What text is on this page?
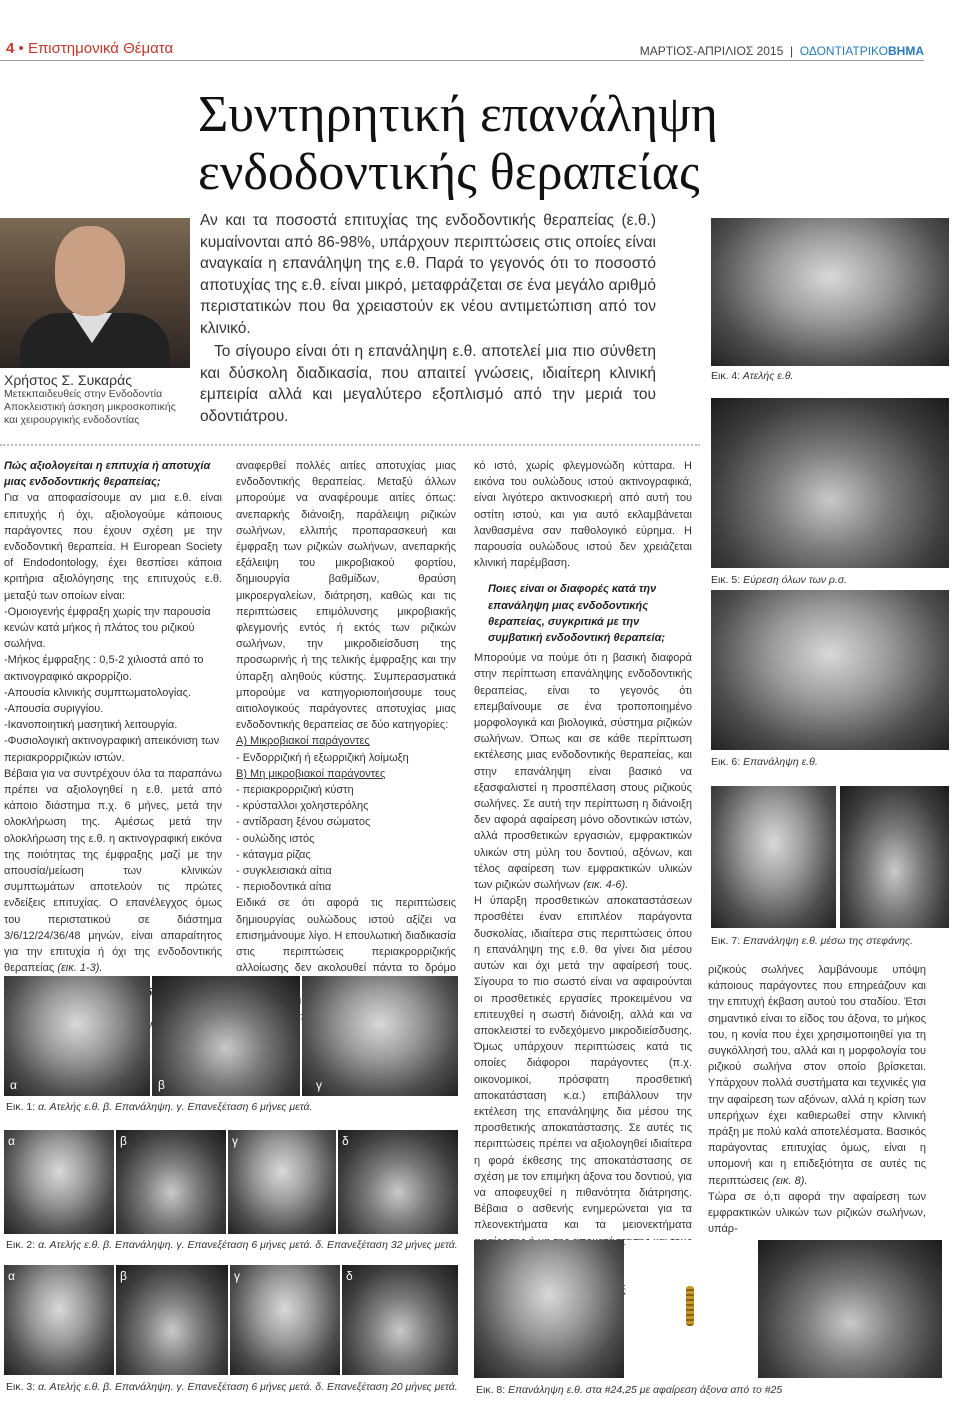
4 • Επιστημονικά Θέματα	ΜΑΡΤΙΟΣ-ΑΠΡΙΛΙΟΣ 2015  |  ΟΔΟΝΤΙΑΤΡΙΚΟΒΗΜΑ
Συντηρητική επανάληψη
ενδοδοντικής θεραπείας
Χρήστος Σ. Συκαράς
Μετεκπαιδευθείς στην Ενδοδοντία
Αποκλειστική άσκηση μικροσκοπικής
και χειρουργικής ενδοδοντίας

Αν και τα ποσοστά επιτυχίας της ενδοδοντικής θεραπείας (ε.θ.) κυμαίνονται από 86-98%, υπάρχουν περιπτώσεις στις οποίες είναι αναγκαία η επανάληψη της ε.θ. Παρά το γεγονός ότι το ποσοστό αποτυχίας της ε.θ. είναι μικρό, μεταφράζεται σε ένα μεγάλο αριθμό περιστατικών που θα χρειαστούν εκ νέου αντιμετώπιση από τον κλινικό.

Το σίγουρο είναι ότι η επανάληψη ε.θ. αποτελεί μια πιο σύνθετη και δύσκολη διαδικασία, που απαιτεί γνώσεις, ιδιαίτερη κλινική εμπειρία αλλά και μεγαλύτερο εξοπλισμό από την μεριά του οδοντιάτρου.

Εικ. 4: Ατελής ε.θ.
Εικ. 5: Εύρεση όλων των ρ.σ.
Εικ. 6: Επανάληψη ε.θ.
Εικ. 7: Επανάληψη ε.θ. μέσω της στεφάνης.

Πώς αξιολογείται η επιτυχία ή αποτυχία μιας ενδοδοντικής θεραπείας;

Για να αποφασίσουμε αν μια ε.θ. είναι επιτυχής ή όχι, αξιολογούμε κάποιους παράγοντες που έχουν σχέση με την ενδοδοντική θεραπεία. Η European Society of Endodontology, έχει θεσπίσει κάποια κριτήρια αξιολόγησης της επιτυχούς ε.θ. μεταξύ των οποίων είναι:

-Ομοιογενής έμφραξη χωρίς την παρουσία κενών κατά μήκος ή πλάτος του ριζικού σωλήνα.

-Μήκος έμφραξης : 0,5-2 χιλιοστά από το ακτινογραφικό ακρορρίζιο.

-Απουσία κλινικής συμπτωματολογίας.

-Απουσία συριγγίου.

-Ικανοποιητική μασητική λειτουργία.

-Φυσιολογική ακτινογραφική απεικόνιση των περιακρορριζικών ιστών.

Βέβαια για να συντρέχουν όλα τα παραπάνω πρέπει να αξιολογηθεί η ε.θ. μετά από κάποιο διάστημα π.χ. 6 μήνες, μετά την ολοκλήρωση της. Αμέσως μετά την ολοκλήρωση της ε.θ. η ακτινογραφική εικόνα της ποιότητας της έμφραξης μαζί με την απουσία/μείωση των κλινικών συμπτωμάτων αποτελούν τις πρώτες ενδείξεις επιτυχίας. Ο επανέλεγχος όμως του περιστατικού σε διάστημα 3/6/12/24/36/48 μηνών, είναι απαραίτητος για την επιτυχία ή όχι της ενδοδοντικής θεραπείας (εικ. 1-3).

αναφερθεί πολλές αιτίες αποτυχίας μιας ενδοδοντικής θεραπείας. Μεταξύ άλλων μπορούμε να αναφέρουμε αιτίες όπως: ανεπαρκής διάνοιξη, παράλειψη ριζικών σωλήνων, ελλιπής προπαρασκευή και έμφραξη των ριζικών σωλήνων, ανεπαρκής εξάλειψη του μικροβιακού φορτίου, δημιουργία βαθμίδων, θραύση μικροεργαλείων, διάτρηση, καθώς και τις περιπτώσεις επιμόλυνσης μικροβιακής φλεγμονής εντός ή εκτός των ριζικών σωλήνων, την μικροδιείσδυση της προσωρινής ή της τελικής έμφραξης και την ύπαρξη αληθούς κύστης. Συμπερασματικά μπορούμε να κατηγοριοποιήσουμε τους αιτιολογικούς παράγοντες αποτυχίας μιας ενδοδοντικής θεραπείας σε δύο κατηγορίες:

Α) Μικροβιακοί παράγοντες

- Ενδορριζική ή εξωρριζική λοίμωξη

Β) Μη μικροβιακοί παράγοντες

- περιακρορριζική κύστη

- κρύσταλλοι χοληστερόλης

- αντίδραση ξένου σώματος

- ουλώδης ιστός

- κάταγμα ρίζας

- συγκλεισιακά αίτια

- περιοδοντικά αίτια

Ειδικά σε ότι αφορά τις περιπτώσεις δημιουργίας ουλώδους ιστού αξίζει να επισημάνουμε λίγο. Η επουλωτική διαδικασία στις περιπτώσεις περιακρορριζικής αλλοίωσης δεν ακολουθεί πάντα το δρόμο

κό ιστό, χωρίς φλεγμονώδη κύτταρα. Η εικόνα του ουλώδους ιστού ακτινογραφικά, είναι λιγότερο ακτινοσκιερή από αυτή του οστίτη ιστού, και για αυτό εκλαμβάνεται λανθασμένα σαν παθολογικό εύρημα. Η παρουσία ουλώδους ιστού δεν χρειάζεται κλινική παρέμβαση.

Ποιες είναι οι διαφορές κατά την επανάληψη μιας ενδοδοντικής θεραπείας, συγκριτικά με την συμβατική ενδοδοντική θεραπεία;

Μπορούμε να πούμε ότι η βασική διαφορά στην περίπτωση επανάληψης ενδοδοντικής θεραπείας, είναι το γεγονός ότι επεμβαίνουμε σε ένα τροποποιημένο μορφολογικά και βιολογικά, σύστημα ριζικών σωλήνων. Όπως και σε κάθε περίπτωση εκτέλεσης μιας ενδοδοντικής θεραπείας, και στην επανάληψη είναι βασικό να εξασφαλιστεί η προσπέλαση στους ριζικούς σωλήνες. Σε αυτή την περίπτωση η διάνοιξη δεν αφορά αφαίρεση μόνο οδοντικών ιστών, αλλά προσθετικών εργασιών, εμφρακτικών υλικών στη μύλη του δοντιού, αξόνων, και τέλος αφαίρεση των εμφρακτικών υλικών των ριζικών σωλήνων (εικ. 4-6).

Η ύπαρξη προσθετικών αποκαταστάσεων προσθέτει έναν επιπλέον παράγοντα δυσκολίας, ιδιαίτερα στις περιπτώσεις όπου η επανάληψη της ε.θ. θα γίνει δια μέσου αυτών και όχι μετά την αφαίρεσή τους. Σίγουρα το πιο σωστό είναι να αφαιρούνται οι προσθετικές εργασίες προκειμένου να επιτευχθεί η σωστή διάνοιξη, αλλά και να αποκλειστεί το ενδεχόμενο μικροδιείσδυσης. Όμως υπάρχουν περιπτώσεις κατά τις οποίες διάφοροι παράγοντες (π.χ. οικονομικοί, πρόσφατη προσθετική αποκατάσταση κ.α.) επιβάλλουν την εκτέλεση της επανάληψης δια μέσου της προσθετικής αποκατάστασης. Σε αυτές τις περιπτώσεις πρέπει να αξιολογηθεί ιδιαίτερα η φορά έκθεσης της αποκατάστασης σε σχέση με τον επιμήκη άξονα του δοντιού, για να αποφευχθεί η πιθανότητα διάτρησης. Βέβαια ο ασθενής ενημερώνεται για τα πλεονεκτήματα και τα μειονεκτήματα

ριζικούς σωλήνες λαμβάνουμε υπόψη κάποιους παράγοντες που επηρεάζουν και την επιτυχή έκβαση αυτού του σταδίου. Έτσι σημαντικό είναι το είδος του άξονα, το μήκος του, η κονία που έχει χρησιμοποιηθεί για τη συγκόλλησή του, αλλά και η μορφολογία του ριζικού σωλήνα στον οποίο βρίσκεται. Υπάρχουν πολλά συστήματα και τεχνικές για την αφαίρεση των αξόνων, αλλά η κρίση των υπερήχων έχει καθιερωθεί στην κλινική πράξη με πολύ καλά αποτελέσματα. Βασικός παράγοντας επιτυχίας όμως, είναι η υπομονή και η επιδεξιότητα σε αυτές τις περιπτώσεις (εικ. 8).

Τώρα σε ό,τι αφορά την αφαίρεση των εμφρακτικών υλικών των ριζικών σωλήνων, υπάρ-

α	β	γ
Εικ. 1: α. Ατελής ε.θ. β. Επανάληψη. γ. Επανεξέταση 6 μήνες μετά.
α	β	γ	δ
Εικ. 2: α. Ατελής ε.θ. β. Επανάληψη. γ. Επανεξέταση 6 μήνες μετά. δ. Επανεξέταση 32 μήνες μετά.
α	β	γ	δ
Εικ. 3: α. Ατελής ε.θ. β. Επανάληψη. γ. Επανεξέταση 6 μήνες μετά. δ. Επανεξέταση 20 μήνες μετά. Εικ. 8: Επανάληψη ε.θ. στα #24,25 με αφαίρεση άξονα από το #25
